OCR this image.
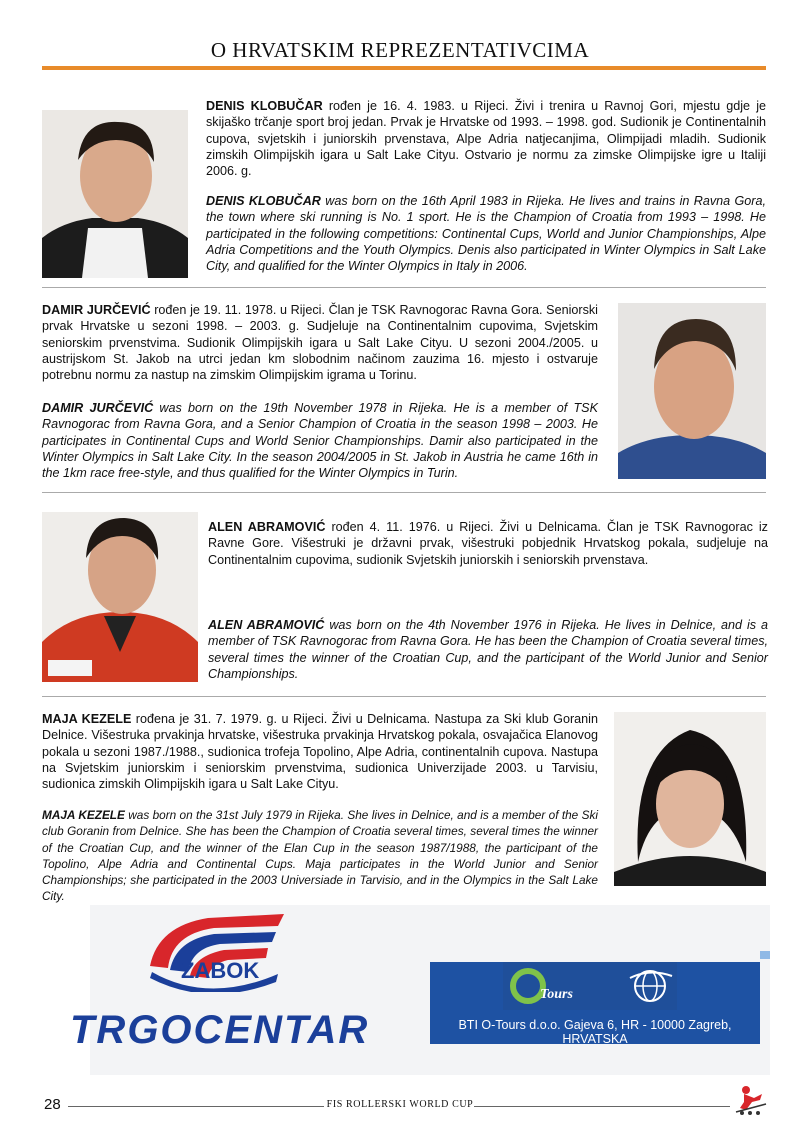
O HRVATSKIM REPREZENTATIVCIMA
DENIS KLOBUČAR rođen je 16. 4. 1983. u Rijeci. Živi i trenira u Ravnoj Gori, mjestu gdje je skijaško trčanje sport broj jedan. Prvak je Hrvatske od 1993. – 1998. god. Sudionik je Continentalnih cupova, svjetskih i juniorskih prvenstava, Alpe Adria natjecanjima, Olimpijadi mladih. Sudionik zimskih Olimpijskih igara u Salt Lake Cityu. Ostvario je normu za zimske Olimpijske igre u Italiji 2006. g.
DENIS KLOBUČAR was born on the 16th April 1983 in Rijeka. He lives and trains in Ravna Gora, the town where ski running is No. 1 sport. He is the Champion of Croatia from 1993 – 1998. He participated in the following competitions: Continental Cups, World and Junior Championships, Alpe Adria Competitions and the Youth Olympics. Denis also participated in Winter Olympics in Salt Lake City, and qualified for the Winter Olympics in Italy in 2006.
DAMIR JURČEVIĆ rođen je 19. 11. 1978. u Rijeci. Član je TSK Ravnogorac Ravna Gora. Seniorski prvak Hrvatske u sezoni 1998. – 2003. g. Sudjeluje na Continentalnim cupovima, Svjetskim seniorskim prvenstvima. Sudionik Olimpijskih igara u Salt Lake Cityu. U sezoni 2004./2005. u austrijskom St. Jakob na utrci jedan km slobodnim načinom zauzima 16. mjesto i ostvaruje potrebnu normu za nastup na zimskim Olimpijskim igrama u Torinu.
DAMIR JURČEVIĆ was born on the 19th November 1978 in Rijeka. He is a member of TSK Ravnogorac from Ravna Gora, and a Senior Champion of Croatia in the season 1998 – 2003. He participates in Continental Cups and World Senior Championships. Damir also participated in the Winter Olympics in Salt Lake City. In the season 2004/2005 in St. Jakob in Austria he came 16th in the 1km race free-style, and thus qualified for the Winter Olympics in Turin.
ALEN ABRAMOVIĆ rođen 4. 11. 1976. u Rijeci. Živi u Delnicama. Član je TSK Ravnogorac iz Ravne Gore. Višestruki je državni prvak, višestruki pobjednik Hrvatskog pokala, sudjeluje na Continentalnim cupovima, sudionik Svjetskih juniorskih i seniorskih prvenstava.
ALEN ABRAMOVIĆ was born on the 4th November 1976 in Rijeka. He lives in Delnice, and is a member of TSK Ravnogorac from Ravna Gora. He has been the Champion of Croatia several times, several times the winner of the Croatian Cup, and the participant of the World Junior and Senior Championships.
MAJA KEZELE rođena je 31. 7. 1979. g. u Rijeci. Živi u Delnicama. Nastupa za Ski klub Goranin Delnice. Višestruka prvakinja hrvatske, višestruka prvakinja Hrvatskog pokala, osvajačica Elanovog pokala u sezoni 1987./1988., sudionica trofeja Topolino, Alpe Adria, continentalnih cupova. Nastupa na Svjetskim juniorskim i seniorskim prvenstvima, sudionica Univerzijade 2003. u Tarvisiu, sudionica zimskih Olimpijskih igara u Salt Lake Cityu.
MAJA KEZELE was born on the 31st July 1979 in Rijeka. She lives in Delnice, and is a member of the Ski club Goranin from Delnice. She has been the Champion of Croatia several times, several times the winner of the Croatian Cup, and the winner of the Elan Cup in the season 1987/1988, the participant of the Topolino, Alpe Adria and Continental Cups. Maja participates in the World Junior and Senior Championships; she participated in the 2003 Universiade in Tarvisio, and in the Olympics in the Salt Lake City.
ZABOK
TRGOCENTAR
Tours
BTI O-Tours d.o.o. Gajeva 6, HR - 10000 Zagreb, HRVATSKA
28	FIS ROLLERSKI WORLD CUP
